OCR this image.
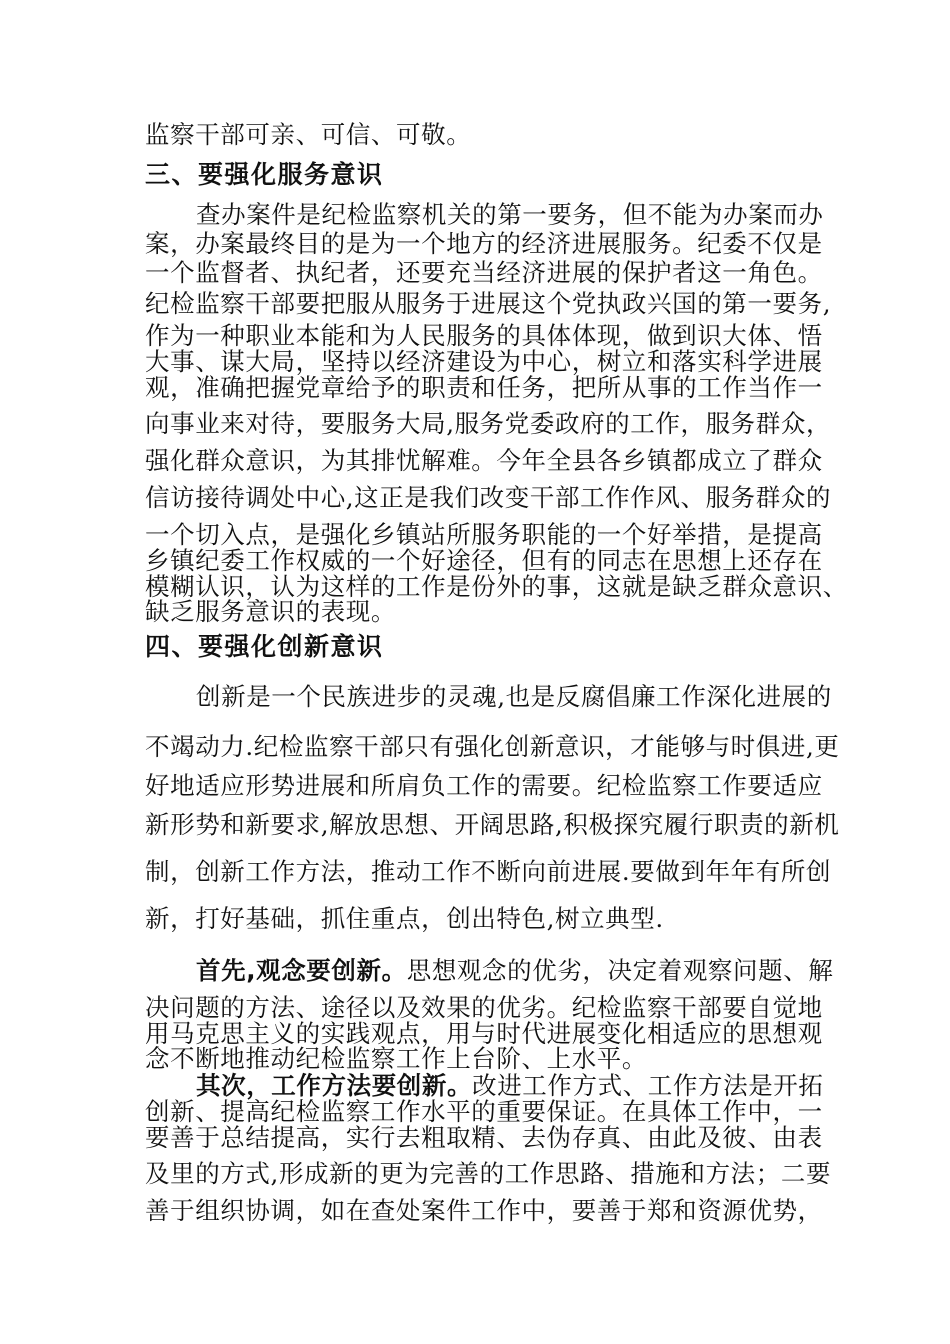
监察干部可亲、可信、可敬。
三、要强化服务意识
查办案件是纪检监察机关的第一要务，但不能为办案而办
案，办案最终目的是为一个地方的经济进展服务。纪委不仅是
一个监督者、执纪者，还要充当经济进展的保护者这一角色。
纪检监察干部要把服从服务于进展这个党执政兴国的第一要务,
作为一种职业本能和为人民服务的具体体现，做到识大体、悟
大事、谋大局，坚持以经济建设为中心，树立和落实科学进展
观，准确把握党章给予的职责和任务，把所从事的工作当作一
向事业来对待，要服务大局,服务党委政府的工作，服务群众，
强化群众意识，为其排忧解难。今年全县各乡镇都成立了群众
信访接待调处中心,这正是我们改变干部工作作风、服务群众的
一个切入点，是强化乡镇站所服务职能的一个好举措，是提高
乡镇纪委工作权威的一个好途径，但有的同志在思想上还存在
模糊认识，认为这样的工作是份外的事，这就是缺乏群众意识、
缺乏服务意识的表现。
四、要强化创新意识
创新是一个民族进步的灵魂,也是反腐倡廉工作深化进展的
不竭动力.纪检监察干部只有强化创新意识，才能够与时俱进,更
好地适应形势进展和所肩负工作的需要。纪检监察工作要适应
新形势和新要求,解放思想、开阔思路,积极探究履行职责的新机
制，创新工作方法，推动工作不断向前进展.要做到年年有所创
新，打好基础，抓住重点，创出特色,树立典型.
首先,观念要创新。思想观念的优劣，决定着观察问题、解
决问题的方法、途径以及效果的优劣。纪检监察干部要自觉地
用马克思主义的实践观点，用与时代进展变化相适应的思想观
念不断地推动纪检监察工作上台阶、上水平。
其次，工作方法要创新。改进工作方式、工作方法是开拓
创新、提高纪检监察工作水平的重要保证。在具体工作中，一
要善于总结提高，实行去粗取精、去伪存真、由此及彼、由表
及里的方式,形成新的更为完善的工作思路、措施和方法；二要
善于组织协调，如在查处案件工作中，要善于郑和资源优势，
